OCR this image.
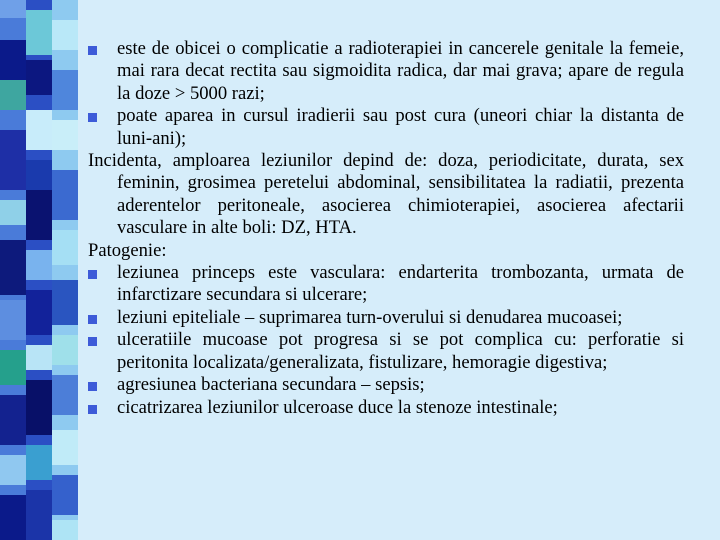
este de obicei o complicatie a radioterapiei in cancerele genitale la femeie, mai rara decat rectita sau sigmoidita radica, dar mai grava; apare de regula la doze > 5000 razi;

poate aparea in cursul iradierii sau post cura (uneori chiar la distanta de luni-ani);

Incidenta, amploarea leziunilor depind de: doza, periodicitate, durata, sex feminin, grosimea peretelui abdominal, sensibilitatea la radiatii, prezenta aderentelor peritoneale, asocierea chimioterapiei, asocierea afectarii vasculare in alte boli: DZ, HTA.

Patogenie:

leziunea princeps este vasculara: endarterita trombozanta, urmata de infarctizare secundara si ulcerare;

leziuni epiteliale – suprimarea turn-overului si denudarea mucoasei;

ulceratiile mucoase pot progresa si se pot complica cu: perforatie si peritonita localizata/generalizata, fistulizare, hemoragie digestiva;

agresiunea bacteriana secundara – sepsis;

cicatrizarea leziunilor ulceroase duce la stenoze intestinale;
